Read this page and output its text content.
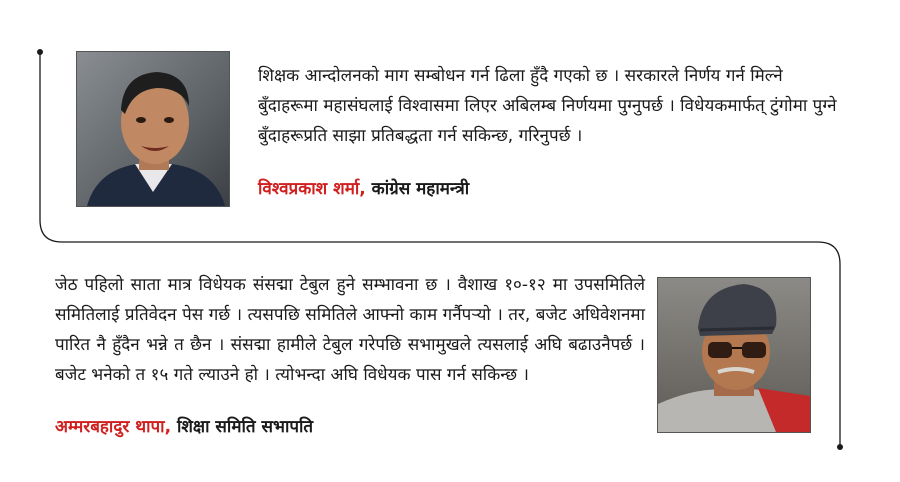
शिक्षक आन्दोलनको माग सम्बोधन गर्न ढिला हुँदै गएको छ । सरकारले निर्णय गर्न मिल्ने बुँदाहरूमा महासंघलाई विश्वासमा लिएर अबिलम्ब निर्णयमा पुग्नुपर्छ । विधेयकमार्फत् टुंगोमा पुग्ने बुँदाहरूप्रति साझा प्रतिबद्धता गर्न सकिन्छ, गरिनुपर्छ ।
विश्वप्रकाश शर्मा, कांग्रेस महामन्त्री
जेठ पहिलो साता मात्र विधेयक संसद्मा टेबुल हुने सम्भावना छ । वैशाख १०-१२ मा उपसमितिले समितिलाई प्रतिवेदन पेस गर्छ । त्यसपछि समितिले आफ्नो काम गर्नैपर्‍यो । तर, बजेट अधिवेशनमा पारित नै हुँदैन भन्ने त छैन । संसद्मा हामीले टेबुल गरेपछि सभामुखले त्यसलाई अघि बढाउनैपर्छ । बजेट भनेको त १५ गते ल्याउने हो । त्योभन्दा अघि विधेयक पास गर्न सकिन्छ ।
अम्मरबहादुर थापा, शिक्षा समिति सभापति
